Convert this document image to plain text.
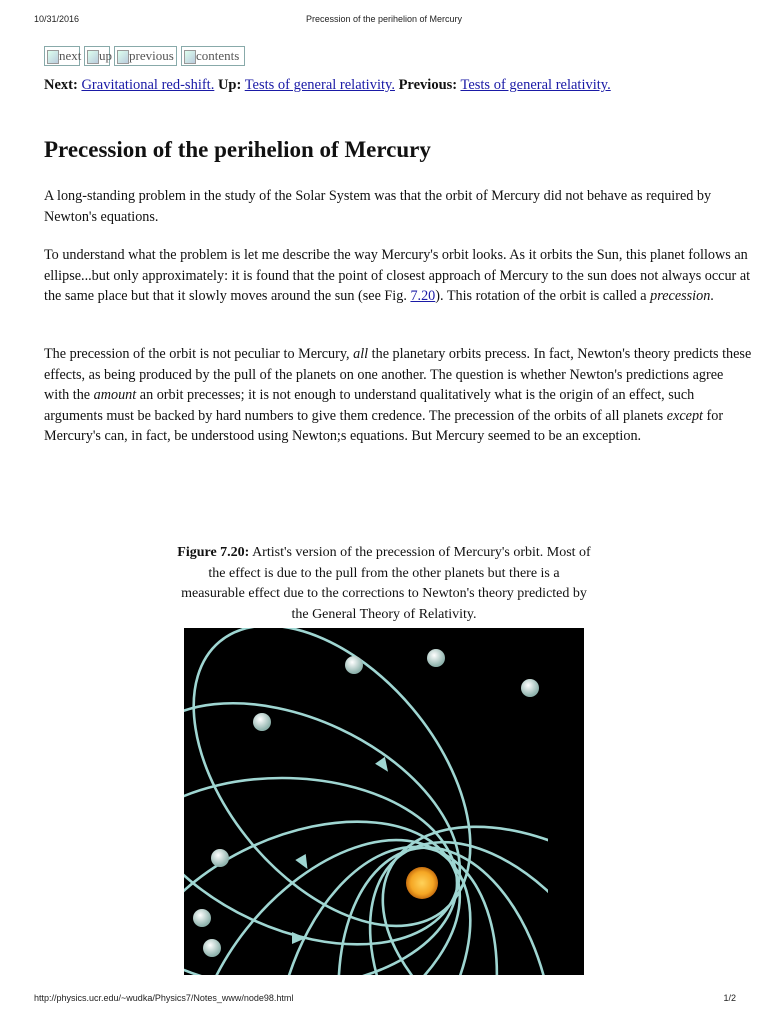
10/31/2016	Precession of the perihelion of Mercury
next up previous contents
Next: Gravitational red-shift. Up: Tests of general relativity. Previous: Tests of general relativity.
Precession of the perihelion of Mercury

A long-standing problem in the study of the Solar System was that the orbit of Mercury did not behave as required by Newton's equations.

To understand what the problem is let me describe the way Mercury's orbit looks. As it orbits the Sun, this planet follows an ellipse...but only approximately: it is found that the point of closest approach of Mercury to the sun does not always occur at the same place but that it slowly moves around the sun (see Fig. 7.20). This rotation of the orbit is called a precession.

The precession of the orbit is not peculiar to Mercury, all the planetary orbits precess. In fact, Newton's theory predicts these effects, as being produced by the pull of the planets on one another. The question is whether Newton's predictions agree with the amount an orbit precesses; it is not enough to understand qualitatively what is the origin of an effect, such arguments must be backed by hard numbers to give them credence. The precession of the orbits of all planets except for Mercury's can, in fact, be understood using Newton;s equations. But Mercury seemed to be an exception.

Figure 7.20: Artist's version of the precession of Mercury's orbit. Most of the effect is due to the pull from the other planets but there is a measurable effect due to the corrections to Newton's theory predicted by the General Theory of Relativity.

http://physics.ucr.edu/~wudka/Physics7/Notes_www/node98.html	1/2
